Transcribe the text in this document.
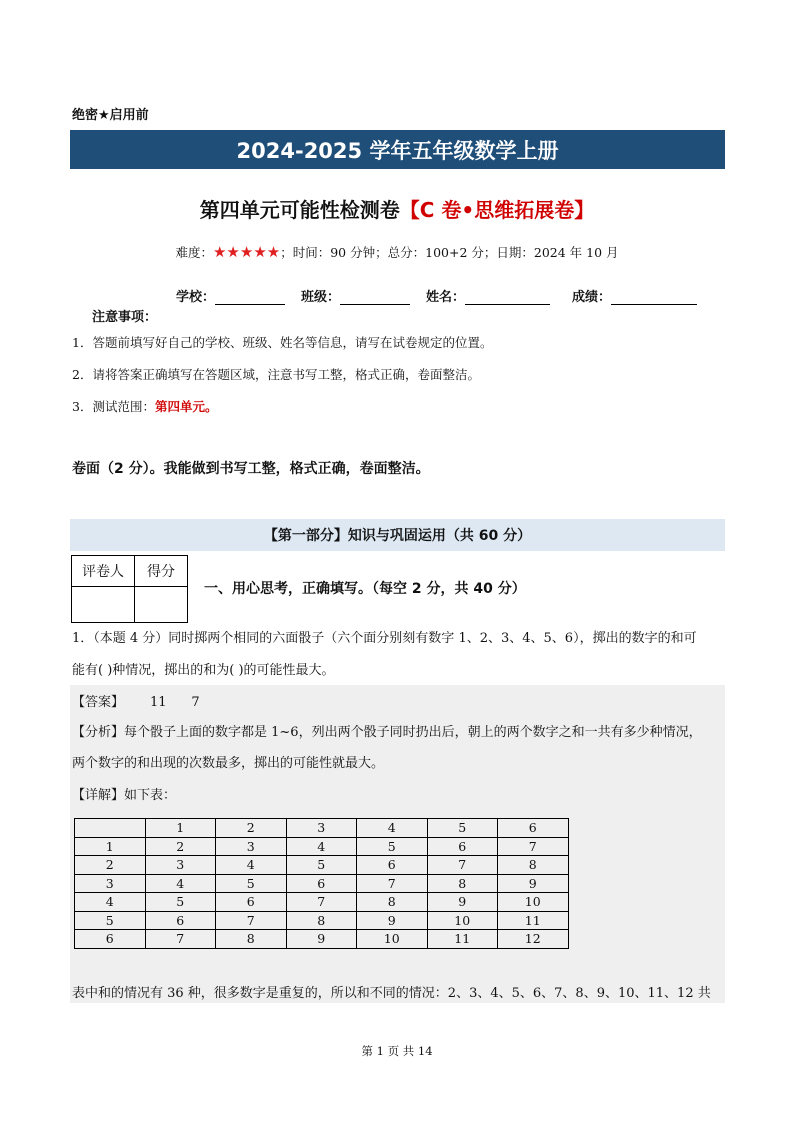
绝密★启用前
2024-2025 学年五年级数学上册
第四单元可能性检测卷【C 卷•思维拓展卷】
难度：★★★★★；时间：90 分钟；总分：100+2 分；日期：2024 年 10 月
学校：	班级：	姓名：	成绩：
注意事项：
1．答题前填写好自己的学校、班级、姓名等信息，请写在试卷规定的位置。
2．请将答案正确填写在答题区域，注意书写工整，格式正确，卷面整洁。
3．测试范围：第四单元。
卷面（2 分）。我能做到书写工整，格式正确，卷面整洁。
【第一部分】知识与巩固运用（共 60 分）
评卷人	得分

一、用心思考，正确填写。（每空 2 分，共 40 分）
1．（本题 4 分）同时掷两个相同的六面骰子（六个面分别刻有数字 1、2、3、4、5、6），掷出的数字的和可
能有( )种情况，掷出的和为( )的可能性最大。
【答案】 11      7
【分析】每个骰子上面的数字都是 1~6，列出两个骰子同时扔出后，朝上的两个数字之和一共有多少种情况，
两个数字的和出现的次数最多，掷出的可能性就最大。
【详解】如下表：
	1	2	3	4	5	6
1	2	3	4	5	6	7
2	3	4	5	6	7	8
3	4	5	6	7	8	9
4	5	6	7	8	9	10
5	6	7	8	9	10	11
6	7	8	9	10	11	12
表中和的情况有 36 种，很多数字是重复的，所以和不同的情况：2、3、4、5、6、7、8、9、10、11、12 共
第 1 页 共 14
